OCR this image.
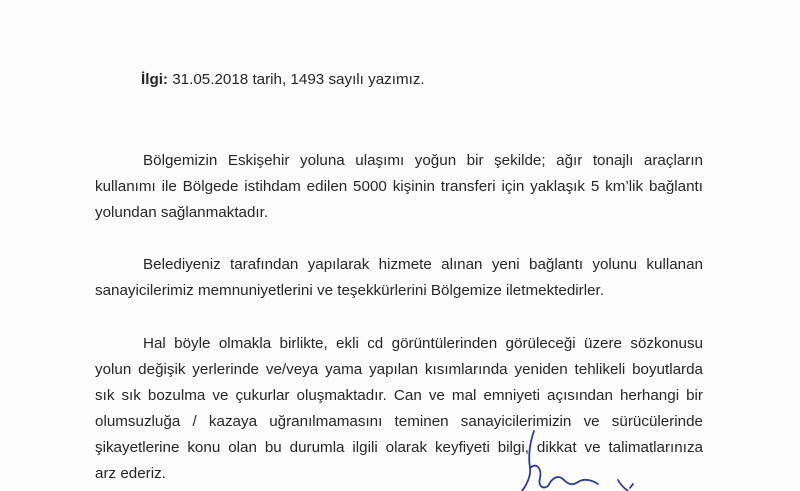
İlgi: 31.05.2018 tarih, 1493 sayılı yazımız.
Bölgemizin Eskişehir yoluna ulaşımı yoğun bir şekilde; ağır tonajlı araçların
kullanımı ile Bölgede istihdam edilen 5000 kişinin transferi için yaklaşık 5 km’lik bağlantı
yolundan sağlanmaktadır.
Belediyeniz tarafından yapılarak hizmete alınan yeni bağlantı yolunu kullanan
sanayicilerimiz memnuniyetlerini ve teşekkürlerini Bölgemize iletmektedirler.
Hal böyle olmakla birlikte, ekli cd görüntülerinden görüleceği üzere sözkonusu
yolun değişik yerlerinde ve/veya yama yapılan kısımlarında yeniden tehlikeli boyutlarda
sık sık bozulma ve çukurlar oluşmaktadır. Can ve mal emniyeti açısından herhangi bir
olumsuzluğa / kazaya uğranılmamasını teminen sanayicilerimizin ve sürücülerinde
şikayetlerine konu olan bu durumla ilgili olarak keyfiyeti bilgi, dikkat ve talimatlarınıza
arz ederiz.
